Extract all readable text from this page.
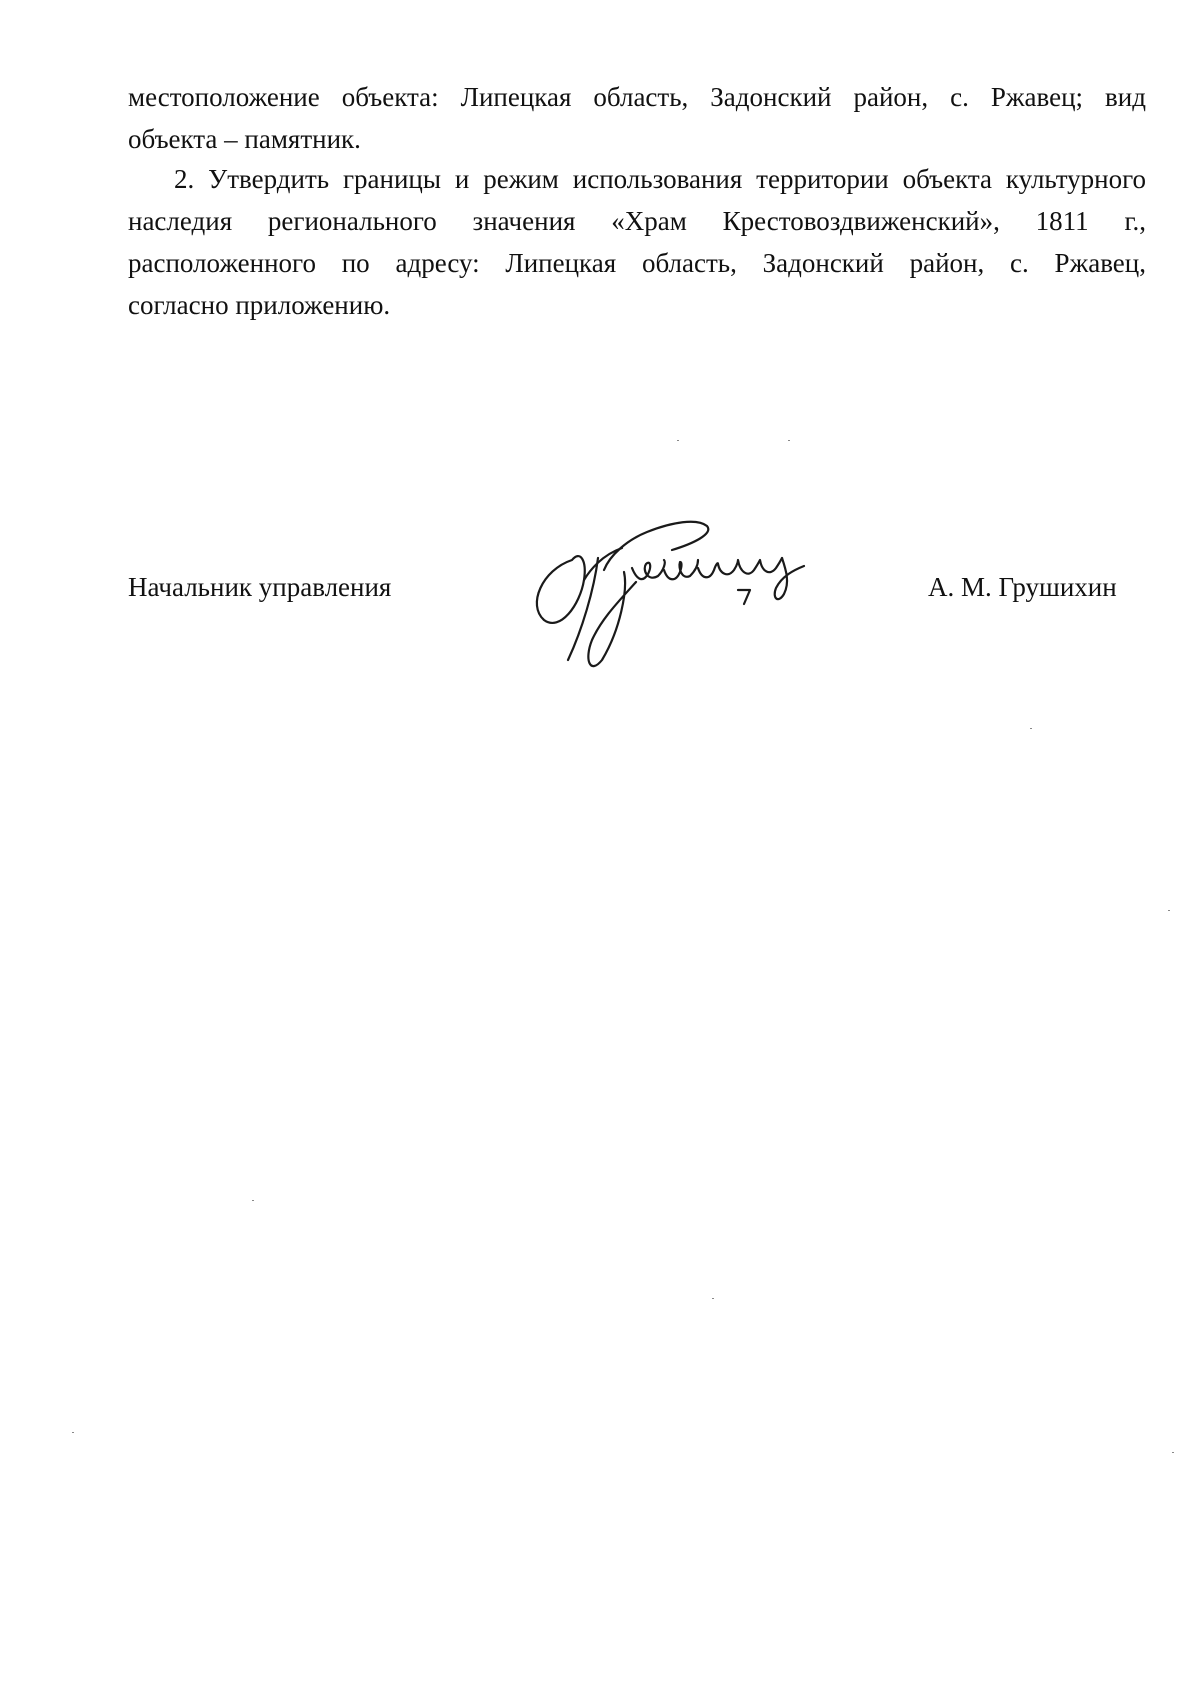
местоположение объекта: Липецкая область, Задонский район, с. Ржавец; вид
объекта – памятник.
2. Утвердить границы и режим использования территории объекта культурного
наследия регионального значения «Храм Крестовоздвиженский», 1811 г.,
расположенного по адресу: Липецкая область, Задонский район, с. Ржавец,
согласно приложению.
Начальник управления	А. М. Грушихин
